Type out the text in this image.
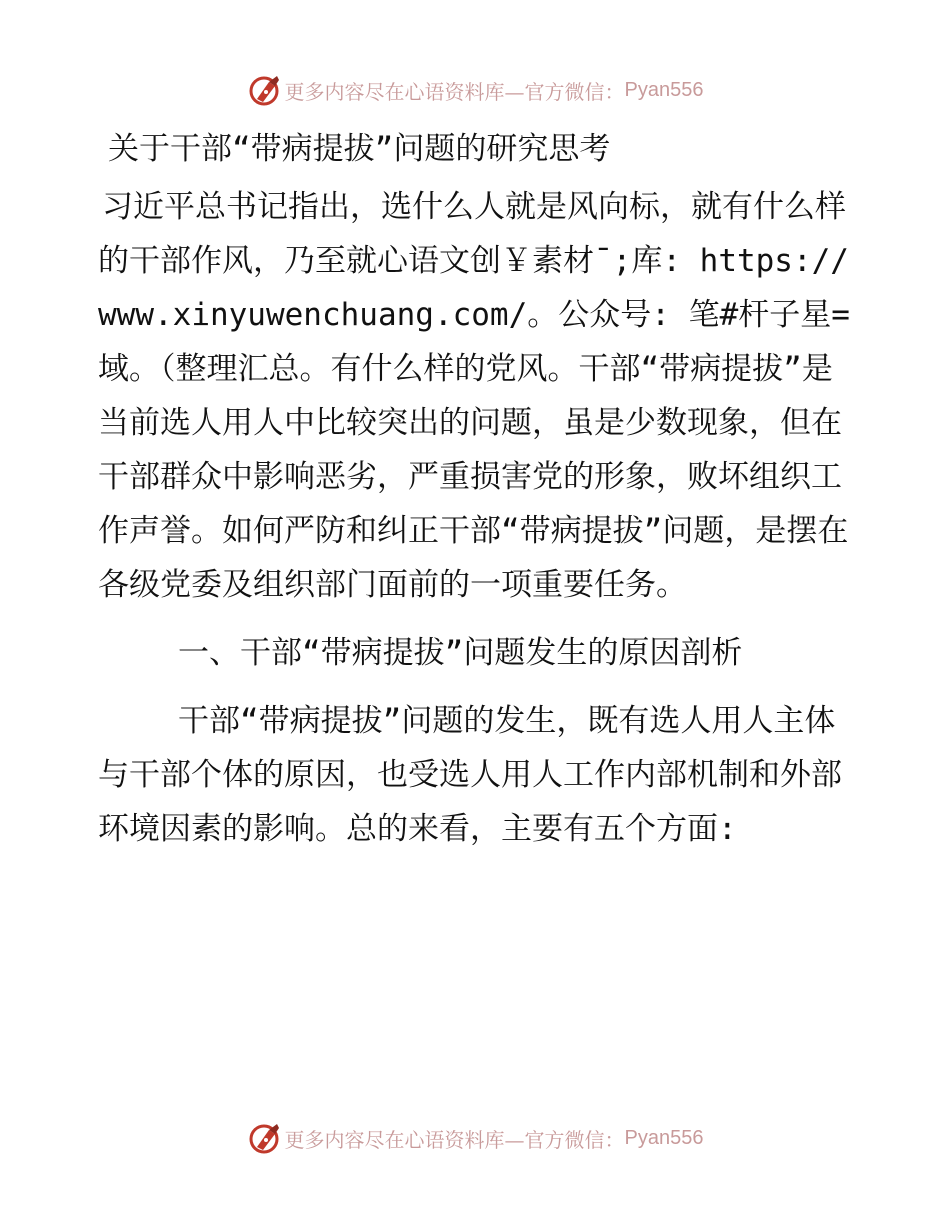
更多内容尽在心语资料库—官方微信： Pyan556

关于干部“带病提拔”问题的研究思考

习近平总书记指出，选什么人就是风向标，就有什么样的干部作风，乃至就心语文创￥素材¯;库: https://www.xinyuwenchuang.com/。公众号: 笔#杆子星=域。（整理汇总。有什么样的党风。干部“带病提拔”是当前选人用人中比较突出的问题，虽是少数现象，但在干部群众中影响恶劣，严重损害党的形象，败坏组织工作声誉。如何严防和纠正干部“带病提拔”问题，是摆在各级党委及组织部门面前的一项重要任务。

一、干部“带病提拔”问题发生的原因剖析

干部“带病提拔”问题的发生，既有选人用人主体与干部个体的原因，也受选人用人工作内部机制和外部环境因素的影响。总的来看，主要有五个方面:

更多内容尽在心语资料库—官方微信： Pyan556
